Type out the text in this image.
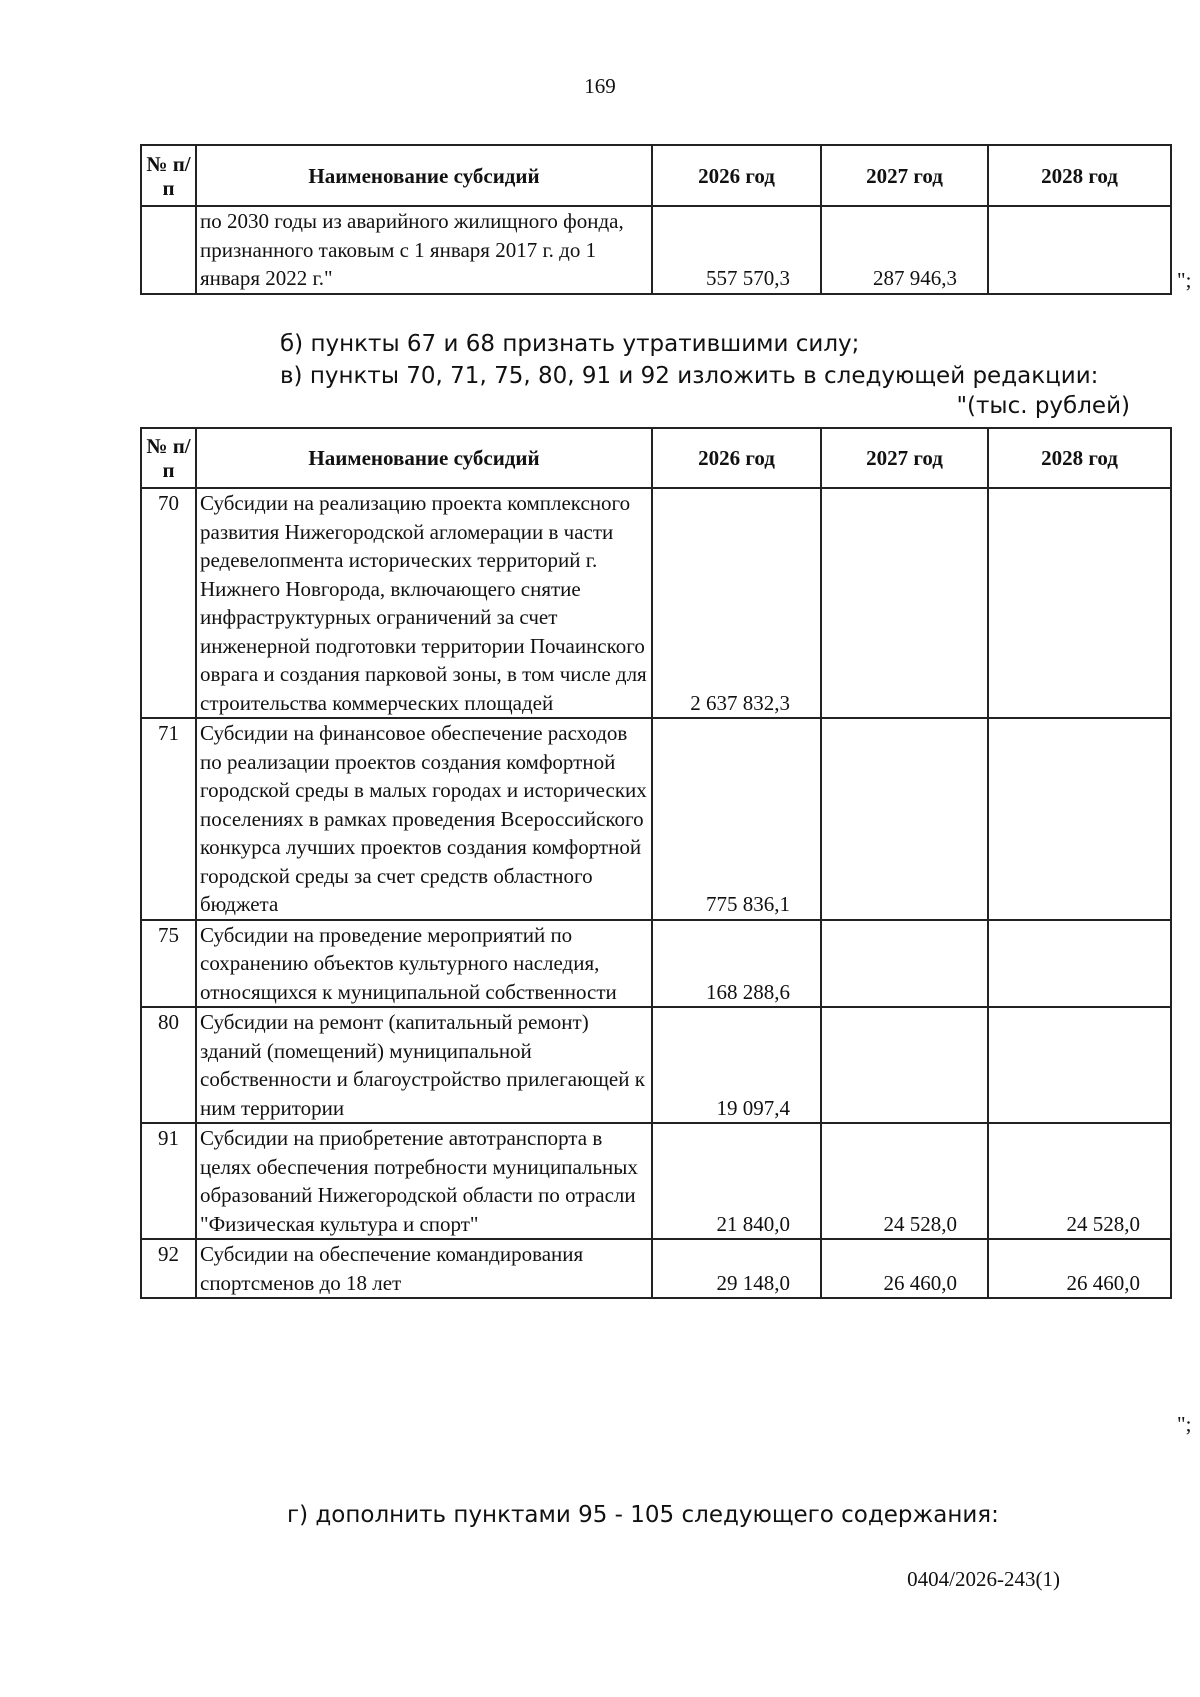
169
№ п/п	Наименование субсидий	2026 год	2027 год	2028 год
	по 2030 годы из аварийного жилищного фонда, признанного таковым с 1 января 2017 г. до 1 января 2022 г."	557 570,3	287 946,3		";
б) пункты 67 и 68 признать утратившими силу;
в) пункты 70, 71, 75, 80, 91 и 92 изложить в следующей редакции:
"(тыс. рублей)
№ п/п	Наименование субсидий	2026 год	2027 год	2028 год
70	Субсидии на реализацию проекта комплексного развития Нижегородской агломерации в части редевелопмента исторических территорий г. Нижнего Новгорода, включающего снятие инфраструктурных ограничений за счет инженерной подготовки территории Почаинского оврага и создания парковой зоны, в том числе для строительства коммерческих площадей	2 637 832,3		
71	Субсидии на финансовое обеспечение расходов по реализации проектов создания комфортной городской среды в малых городах и исторических поселениях в рамках проведения Всероссийского конкурса лучших проектов создания комфортной городской среды за счет средств областного бюджета	775 836,1		
75	Субсидии на проведение мероприятий по сохранению объектов культурного наследия, относящихся к муниципальной собственности	168 288,6		
80	Субсидии на ремонт (капитальный ремонт) зданий (помещений) муниципальной собственности и благоустройство прилегающей к ним территории	19 097,4		
91	Субсидии на приобретение автотранспорта в целях обеспечения потребности муниципальных образований Нижегородской области по отрасли "Физическая культура и спорт"	21 840,0	24 528,0	24 528,0
92	Субсидии на обеспечение командирования спортсменов до 18 лет	29 148,0	26 460,0	26 460,0
";
г) дополнить пунктами 95 - 105 следующего содержания:
0404/2026-243(1)
